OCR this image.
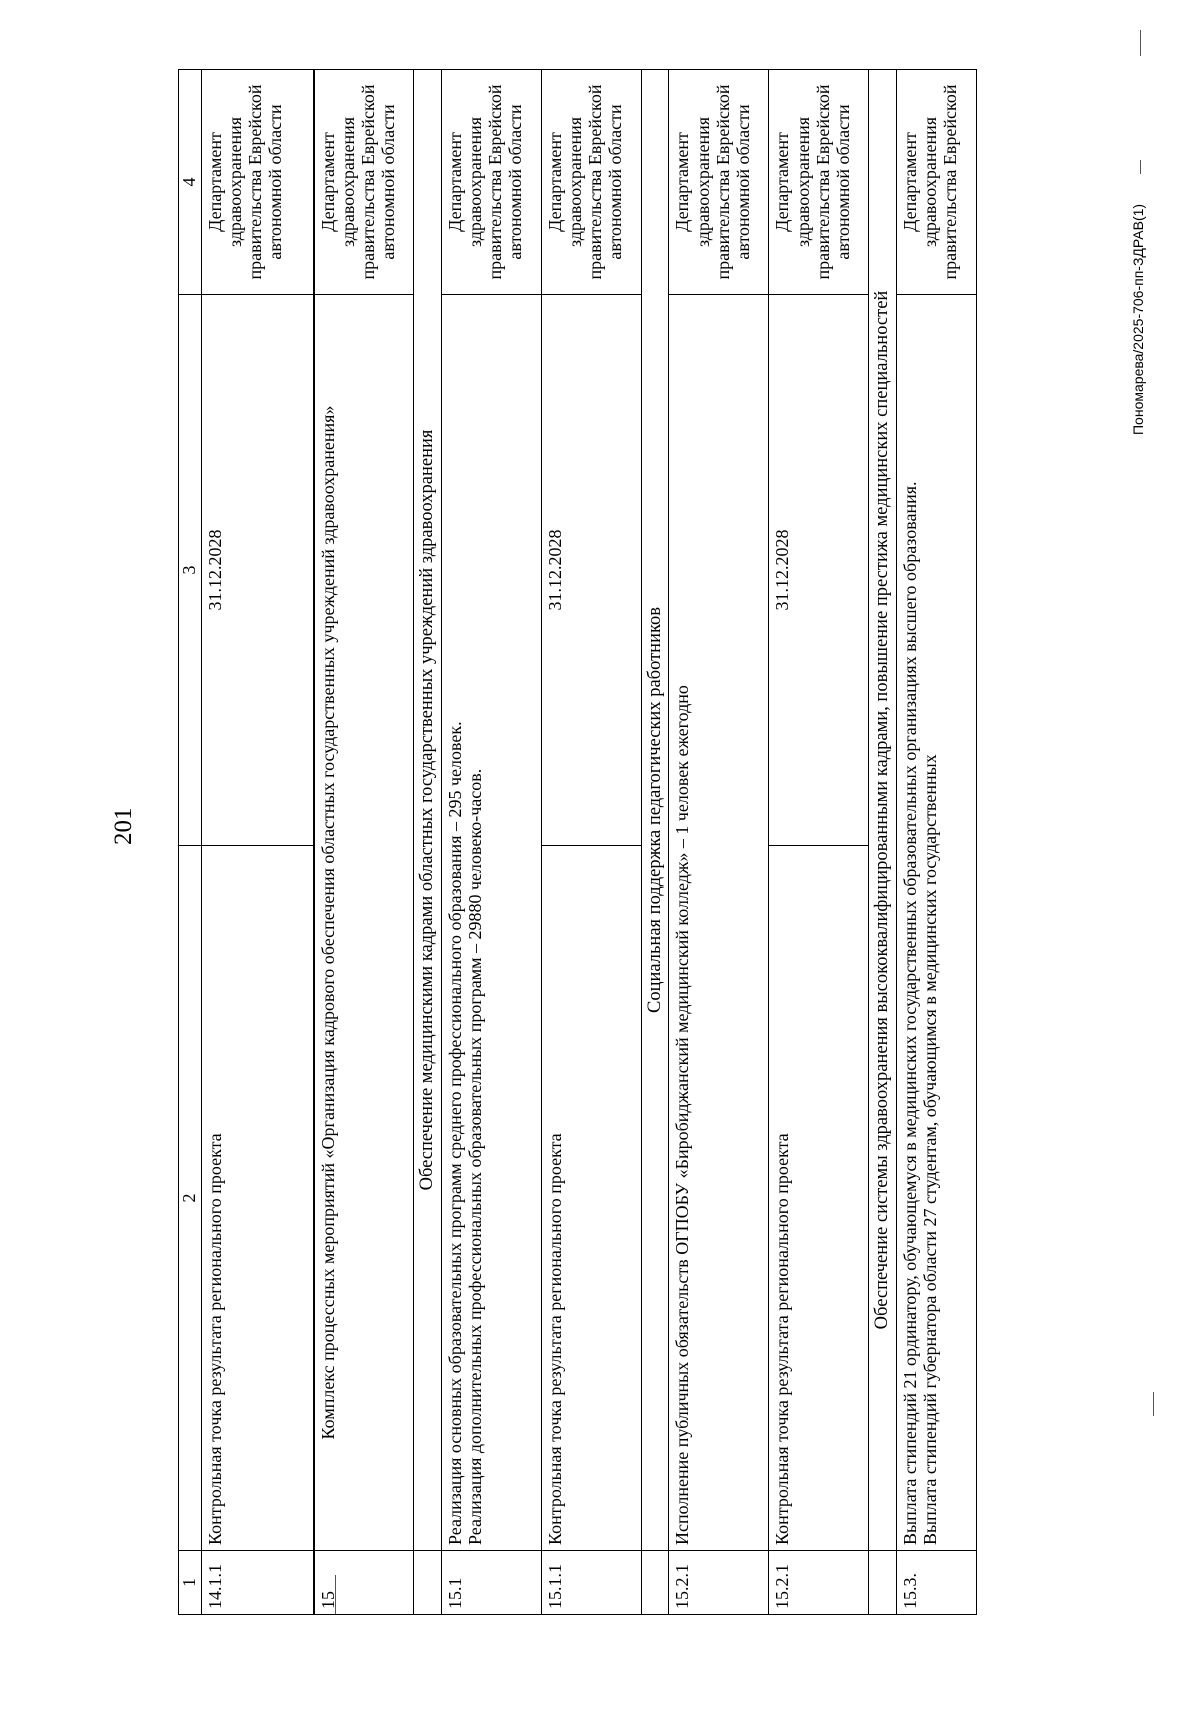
201
Пономарева/2025-706-пп-ЗДРАВ(1)
1	2	3	4
14.1.1	Контрольная точка результата регионального проекта	31.12.2028	Департамент здравоохранения правительства Еврейской автономной области
15	Комплекс процессных мероприятий «Организация кадрового обеспечения областных государственных учреждений здравоохранения»		Департамент здравоохранения правительства Еврейской автономной области
	Обеспечение медицинскими кадрами областных государственных учреждений здравоохранения		
15.1	Реализация основных образовательных программ среднего профессионального образования – 295 человек. Реализация дополнительных профессиональных образовательных программ – 29880 человеко-часов.		Департамент здравоохранения правительства Еврейской автономной области
15.1.1	Контрольная точка результата регионального проекта	31.12.2028	Департамент здравоохранения правительства Еврейской автономной области
	Социальная поддержка педагогических работников		
15.2.1	Исполнение публичных обязательств ОГПОБУ «Биробиджанский медицинский колледж» – 1 человек ежегодно		Департамент здравоохранения правительства Еврейской автономной области
15.2.1	Контрольная точка результата регионального проекта	31.12.2028	Департамент здравоохранения правительства Еврейской автономной области
	Обеспечение системы здравоохранения высококвалифицированными кадрами, повышение престижа медицинских специальностей		
15.3.	Выплата стипендий 21 ординатору, обучающемуся в медицинских государственных образовательных организациях высшего образования. Выплата стипендий губернатора области 27 студентам, обучающимся в медицинских государственных		Департамент здравоохранения правительства Еврейской
